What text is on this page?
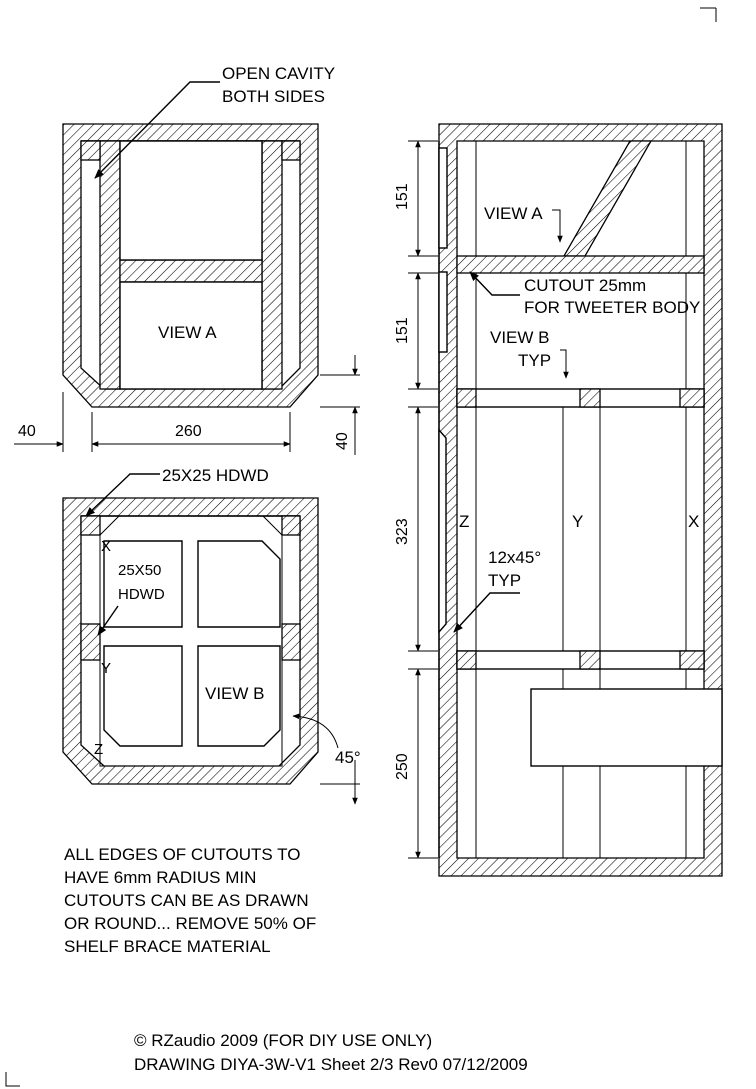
OPEN CAVITY
BOTH SIDES
VIEW A
260
40
40
25X25 HDWD
25X50
HDWD
X
Y
Z
VIEW B
45°
ALL EDGES OF CUTOUTS TO
HAVE 6mm RADIUS MIN
CUTOUTS CAN BE AS DRAWN
OR ROUND... REMOVE 50% OF
SHELF BRACE MATERIAL
CUTOUT 25mm
FOR TWEETER BODY
VIEW A
VIEW B
TYP
12x45°
TYP
Z	Y	X
151
151
323
250
© RZaudio 2009 (FOR DIY USE ONLY)
DRAWING DIYA-3W-V1 Sheet 2/3 Rev0 07/12/2009
